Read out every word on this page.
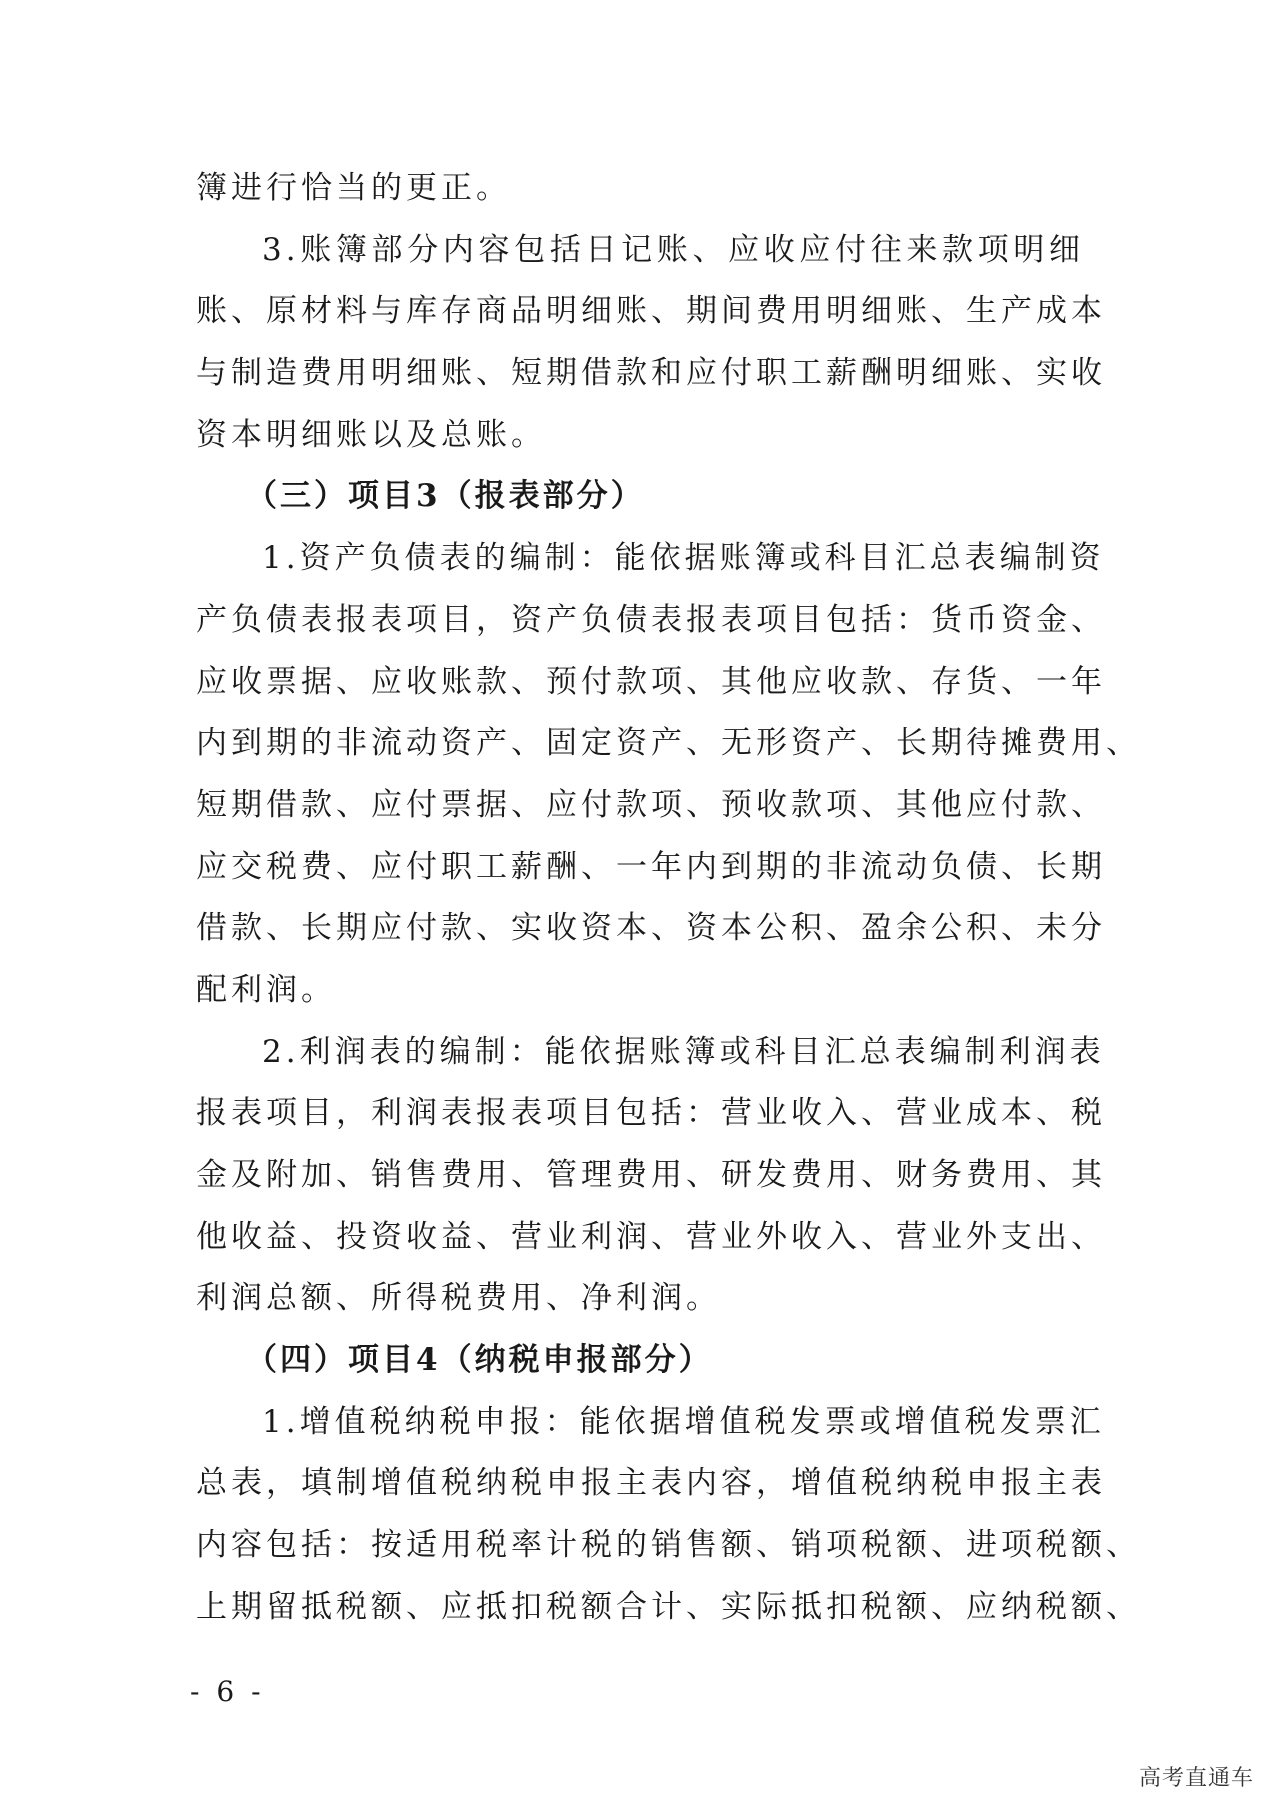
簿进行恰当的更正。
3.账簿部分内容包括日记账、应收应付往来款项明细
账、原材料与库存商品明细账、期间费用明细账、生产成本
与制造费用明细账、短期借款和应付职工薪酬明细账、实收
资本明细账以及总账。
（三）项目3（报表部分）
1.资产负债表的编制：能依据账簿或科目汇总表编制资
产负债表报表项目，资产负债表报表项目包括：货币资金、
应收票据、应收账款、预付款项、其他应收款、存货、一年
内到期的非流动资产、固定资产、无形资产、长期待摊费用、
短期借款、应付票据、应付款项、预收款项、其他应付款、
应交税费、应付职工薪酬、一年内到期的非流动负债、长期
借款、长期应付款、实收资本、资本公积、盈余公积、未分
配利润。
2.利润表的编制：能依据账簿或科目汇总表编制利润表
报表项目，利润表报表项目包括：营业收入、营业成本、税
金及附加、销售费用、管理费用、研发费用、财务费用、其
他收益、投资收益、营业利润、营业外收入、营业外支出、
利润总额、所得税费用、净利润。
（四）项目4（纳税申报部分）
1.增值税纳税申报：能依据增值税发票或增值税发票汇
总表，填制增值税纳税申报主表内容，增值税纳税申报主表
内容包括：按适用税率计税的销售额、销项税额、进项税额、
上期留抵税额、应抵扣税额合计、实际抵扣税额、应纳税额、
- 6 -
高考直通车
